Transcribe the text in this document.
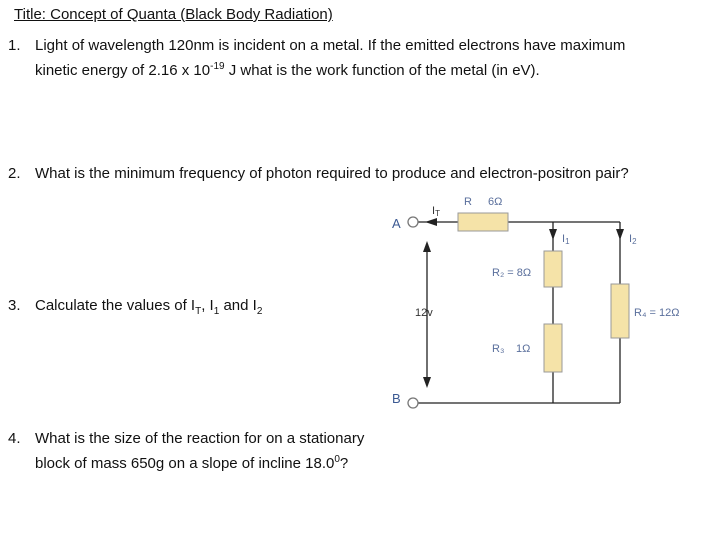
Title: Concept of Quanta (Black Body Radiation)
1. Light of wavelength 120nm is incident on a metal. If the emitted electrons have maximum
kinetic energy of 2.16 x $10^{-19}$ J what is the work function of the metal (in eV).
2. What is the minimum frequency of photon required to produce and electron-positron pair?
3. Calculate the values of $I_T$, $I_1$ and $I_2$
4. What is the size of the reaction for on a stationary
block of mass 650g on a slope of incline 18.0$^0$?
A
B
IT
R 6Ω
I1	I2
R₂ = 8Ω
R₃ 1Ω
R₄ = 12Ω
12v
